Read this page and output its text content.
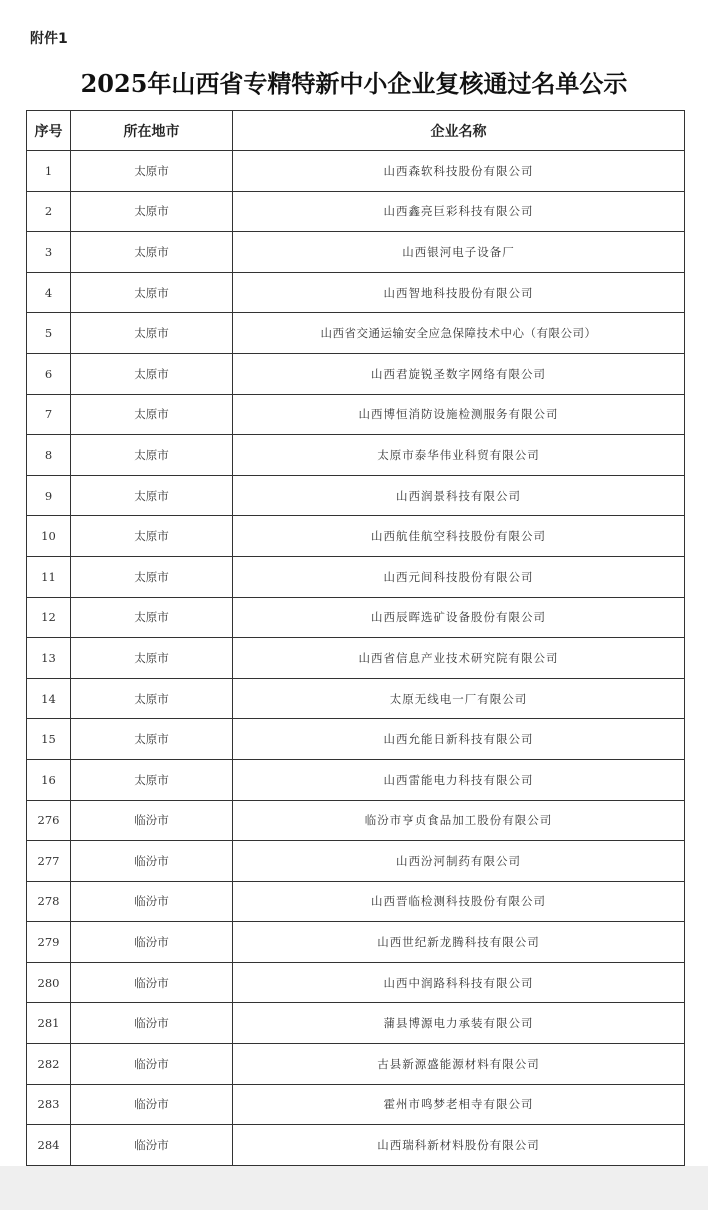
附件1
2025年山西省专精特新中小企业复核通过名单公示
序号	所在地市	企业名称
1	太原市	山西森软科技股份有限公司
2	太原市	山西鑫亮巨彩科技有限公司
3	太原市	山西银河电子设备厂
4	太原市	山西智地科技股份有限公司
5	太原市	山西省交通运输安全应急保障技术中心（有限公司）
6	太原市	山西君旋锐圣数字网络有限公司
7	太原市	山西博恒消防设施检测服务有限公司
8	太原市	太原市泰华伟业科贸有限公司
9	太原市	山西润景科技有限公司
10	太原市	山西航佳航空科技股份有限公司
11	太原市	山西元间科技股份有限公司
12	太原市	山西辰晖选矿设备股份有限公司
13	太原市	山西省信息产业技术研究院有限公司
14	太原市	太原无线电一厂有限公司
15	太原市	山西允能日新科技有限公司
16	太原市	山西雷能电力科技有限公司
276	临汾市	临汾市亨贞食品加工股份有限公司
277	临汾市	山西汾河制药有限公司
278	临汾市	山西晋临检测科技股份有限公司
279	临汾市	山西世纪新龙腾科技有限公司
280	临汾市	山西中润路科科技有限公司
281	临汾市	蒲县博源电力承装有限公司
282	临汾市	古县新源盛能源材料有限公司
283	临汾市	霍州市鸣梦老相寺有限公司
284	临汾市	山西瑞科新材料股份有限公司
